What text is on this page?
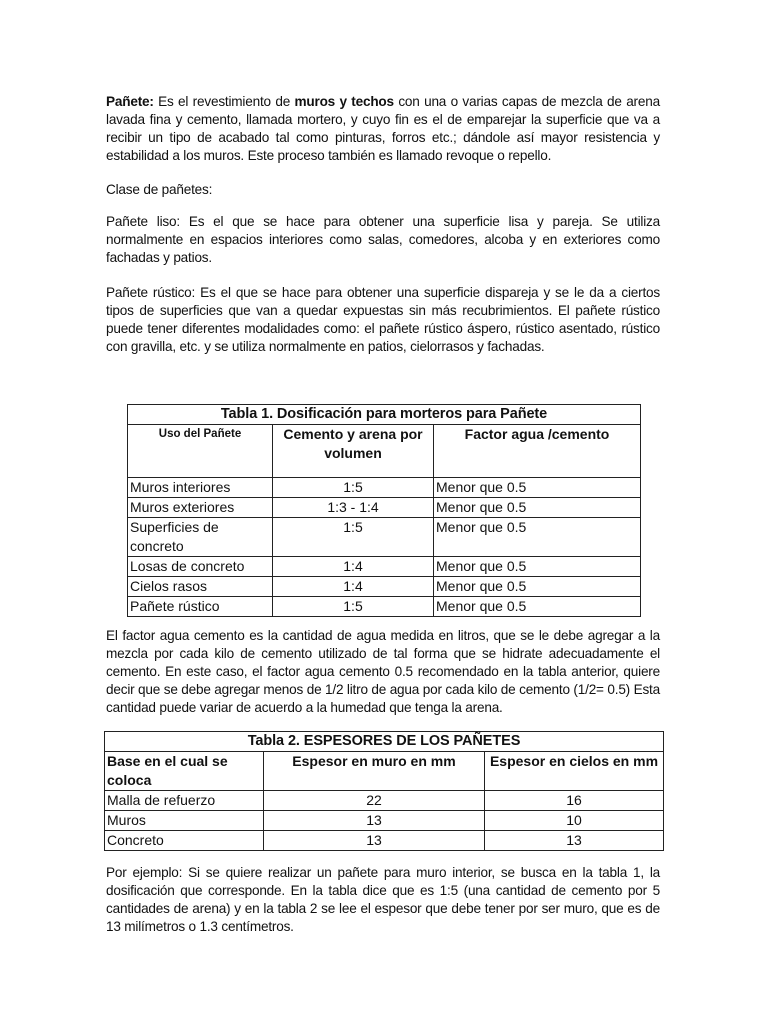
Pañete: Es el revestimiento de muros y techos con una o varias capas de mezcla de arena lavada fina y cemento, llamada mortero, y cuyo fin es el de emparejar la superficie que va a recibir un tipo de acabado tal como pinturas, forros etc.; dándole así mayor resistencia y estabilidad a los muros. Este proceso también es llamado revoque o repello.

Clase de pañetes:

Pañete liso: Es el que se hace para obtener una superficie lisa y pareja. Se utiliza normalmente en espacios interiores como salas, comedores, alcoba y en exteriores como fachadas y patios.

Pañete rústico: Es el que se hace para obtener una superficie dispareja y se le da a ciertos tipos de superficies que van a quedar expuestas sin más recubrimientos. El pañete rústico puede tener diferentes modalidades como: el pañete rústico áspero, rústico asentado, rústico con gravilla, etc. y se utiliza normalmente en patios, cielorrasos y fachadas.

Tabla 1. Dosificación para morteros para Pañete		
Uso del Pañete	Cemento y arena por volumen	Factor agua /cemento
Muros interiores	1:5	Menor que 0.5
Muros exteriores	1:3 - 1:4	Menor que 0.5
Superficies de concreto	1:5	Menor que 0.5
Losas de concreto	1:4	Menor que 0.5
Cielos rasos	1:4	Menor que 0.5
Pañete rústico	1:5	Menor que 0.5

El factor agua cemento es la cantidad de agua medida en litros, que se le debe agregar a la mezcla por cada kilo de cemento utilizado de tal forma que se hidrate adecuadamente el cemento. En este caso, el factor agua cemento 0.5 recomendado en la tabla anterior, quiere decir que se debe agregar menos de 1/2 litro de agua por cada kilo de cemento (1/2= 0.5) Esta cantidad puede variar de acuerdo a la humedad que tenga la arena.

Tabla 2. ESPESORES DE LOS PAÑETES		
Base en el cual se coloca	Espesor en muro en mm	Espesor en cielos en mm
Malla de refuerzo	22	16
Muros	13	10
Concreto	13	13

Por ejemplo: Si se quiere realizar un pañete para muro interior, se busca en la tabla 1, la dosificación que corresponde. En la tabla dice que es 1:5 (una cantidad de cemento por 5 cantidades de arena) y en la tabla 2 se lee el espesor que debe tener por ser muro, que es de 13 milímetros o 1.3 centímetros.
